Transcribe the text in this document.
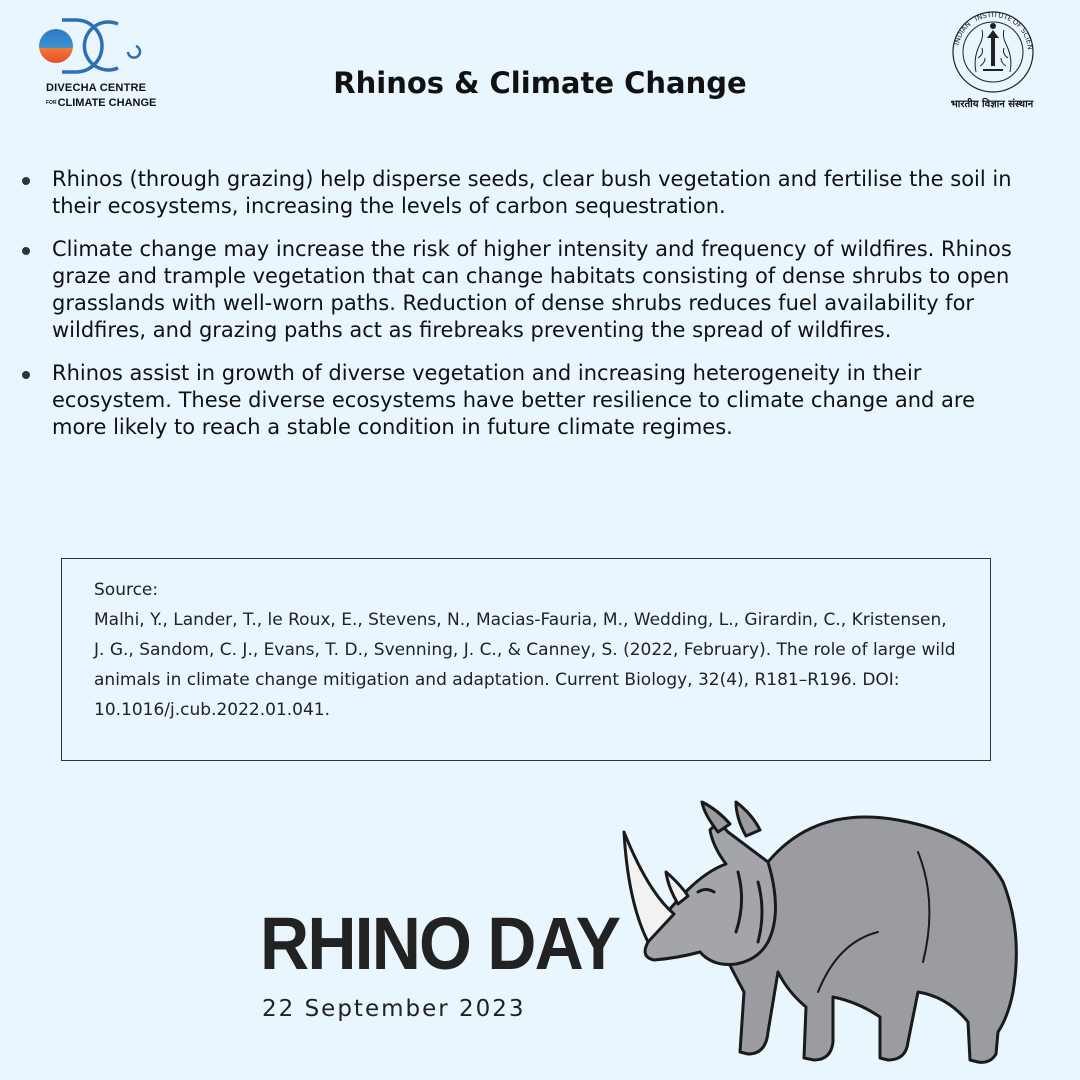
DIVECHA CENTRE
FORCLIMATE CHANGE
Rhinos & Climate Change
INDIAN
INSTITUTE
OF SCIEN
भारतीय विज्ञान संस्थान
Rhinos (through grazing) help disperse seeds, clear bush vegetation and fertilise the soil in their ecosystems, increasing the levels of carbon sequestration.
Climate change may increase the risk of higher intensity and frequency of wildfires. Rhinos graze and trample vegetation that can change habitats consisting of dense shrubs to open grasslands with well-worn paths. Reduction of dense shrubs reduces fuel availability for wildfires, and grazing paths act as firebreaks preventing the spread of wildfires.
Rhinos assist in growth of diverse vegetation and increasing heterogeneity in their ecosystem. These diverse ecosystems have better resilience to climate change and are more likely to reach a stable condition in future climate regimes.
Source:
Malhi, Y., Lander, T., le Roux, E., Stevens, N., Macias-Fauria, M., Wedding, L., Girardin, C., Kristensen, J. G., Sandom, C. J., Evans, T. D., Svenning, J. C., & Canney, S. (2022, February). The role of large wild animals in climate change mitigation and adaptation. Current Biology, 32(4), R181–R196. DOI: 10.1016/j.cub.2022.01.041.
RHINO DAY
22 September 2023
